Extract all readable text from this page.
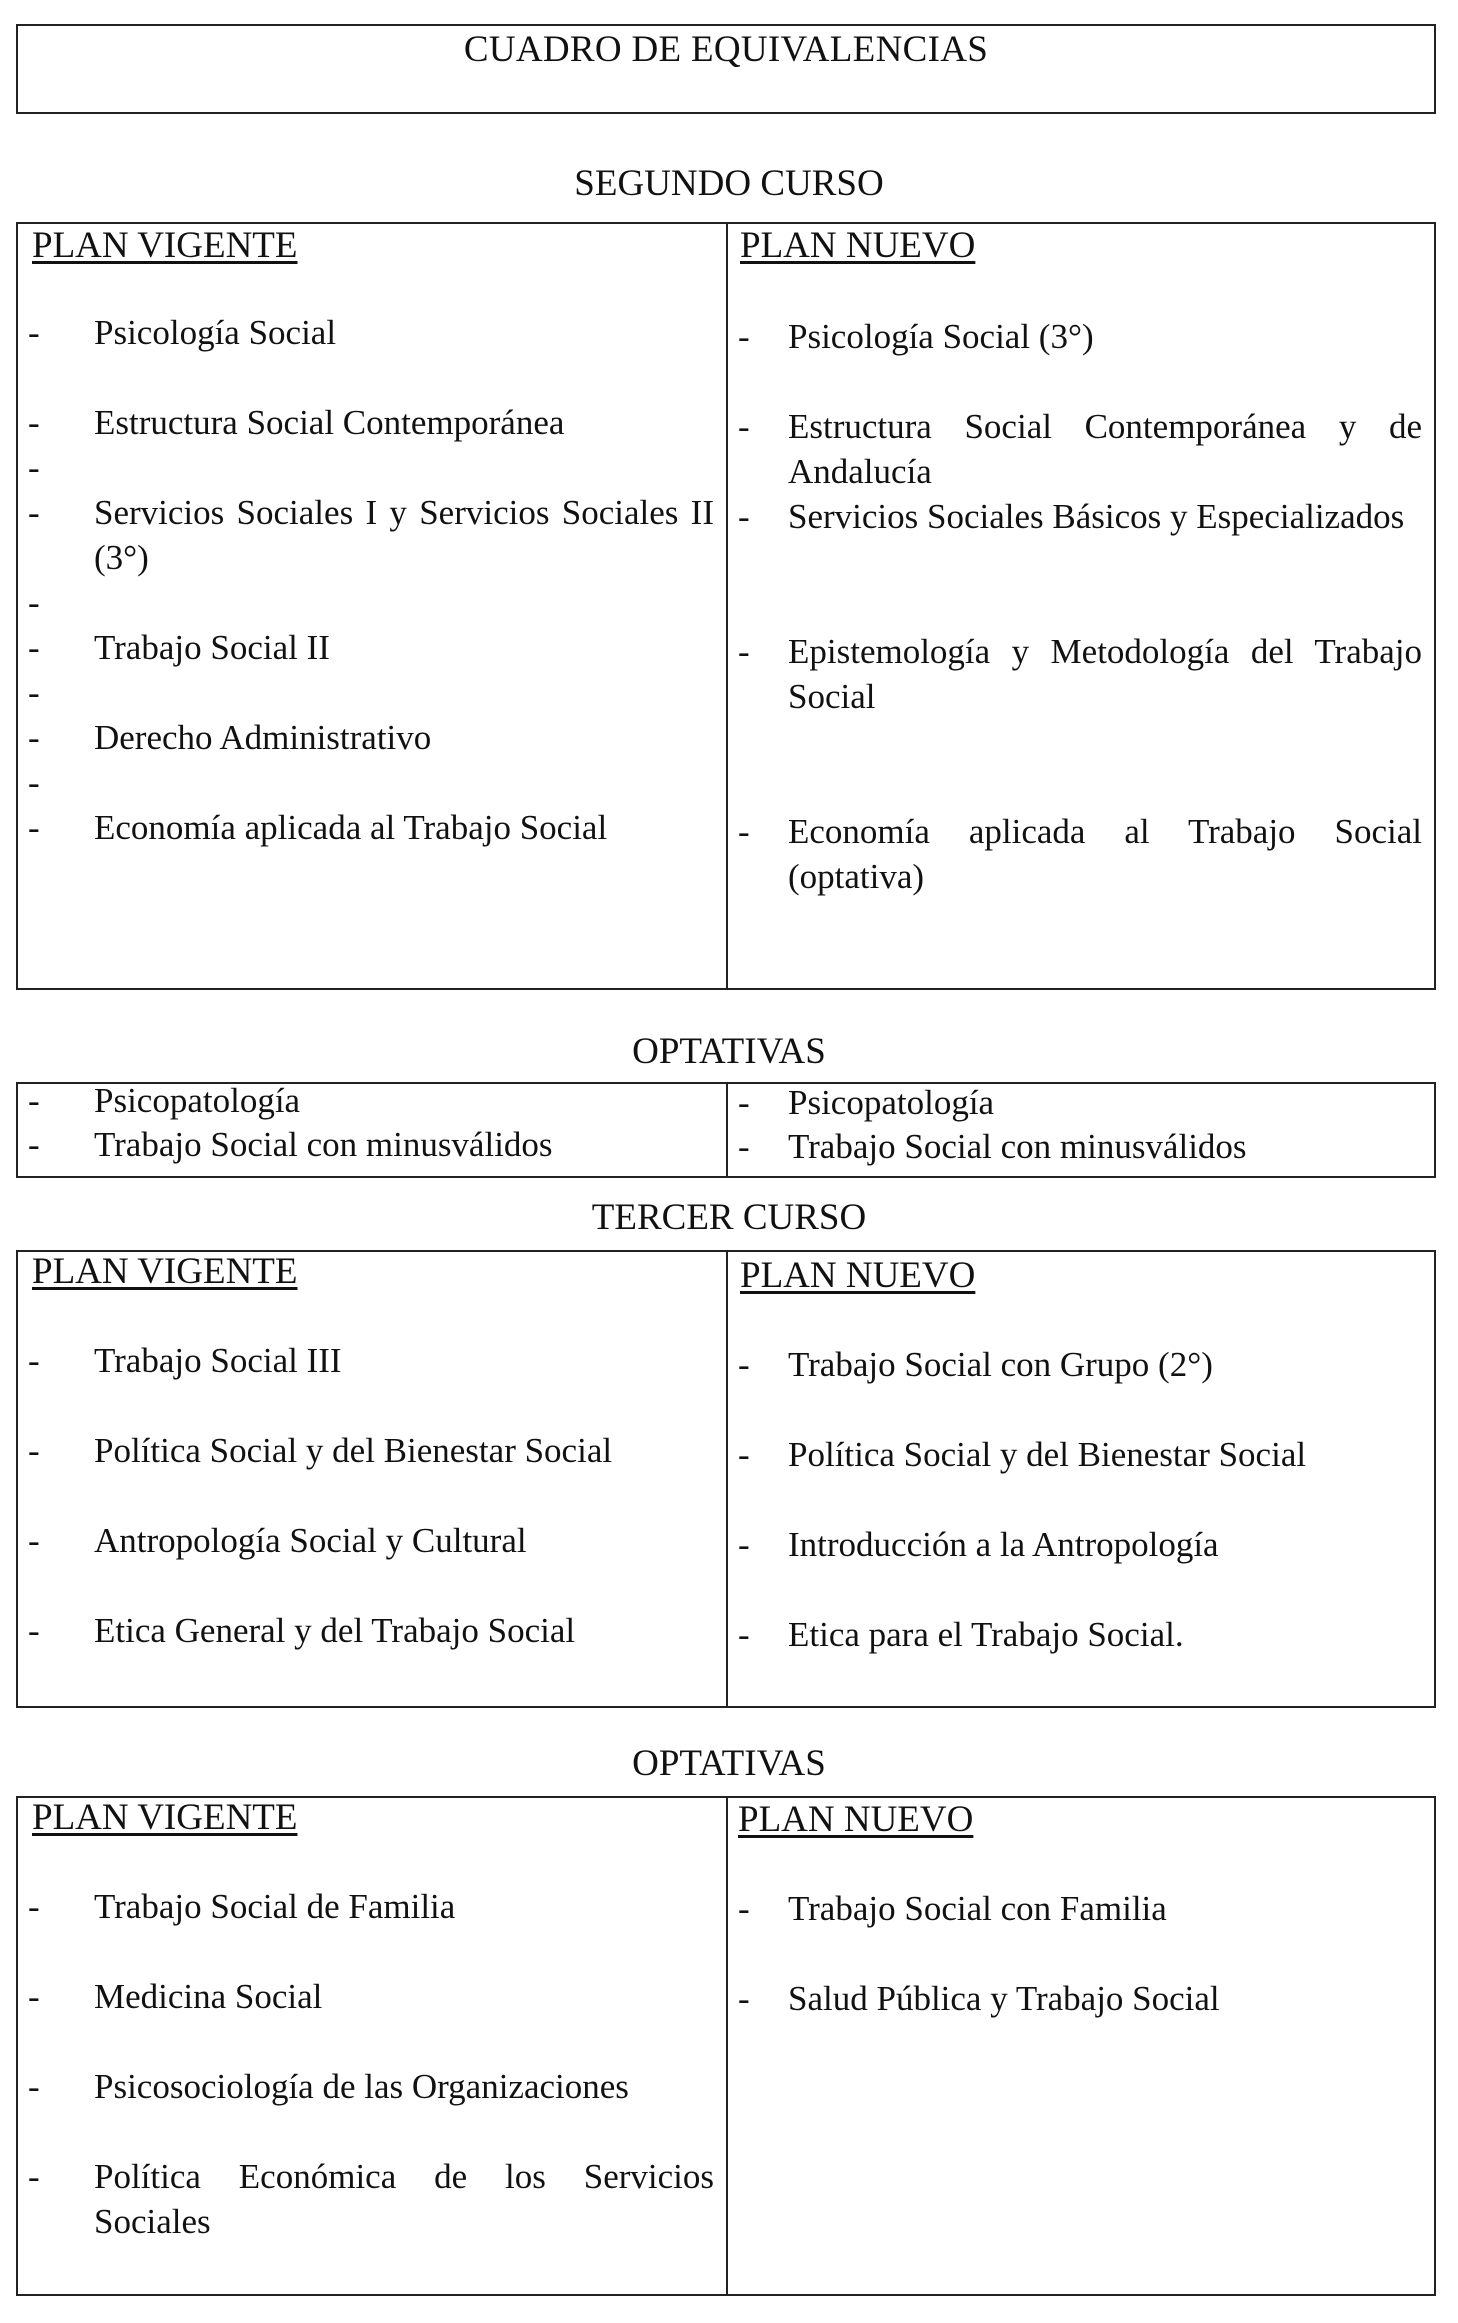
CUADRO DE EQUIVALENCIAS
SEGUNDO CURSO
PLAN VIGENTE
- Psicología Social
- Estructura Social Contemporánea
-
- Servicios Sociales I y Servicios Sociales II (3°)
-
- Trabajo Social II
-
- Derecho Administrativo
-
- Economía aplicada al Trabajo Social
PLAN NUEVO
- Psicología Social (3°)
- Estructura Social Contemporánea y de Andalucía
- Servicios Sociales Básicos y Especializados
- Epistemología y Metodología del Trabajo Social
- Economía aplicada al Trabajo Social (optativa)
OPTATIVAS
- Psicopatología
- Trabajo Social con minusválidos
- Psicopatología
- Trabajo Social con minusválidos
TERCER CURSO
PLAN VIGENTE
- Trabajo Social III
- Política Social y del Bienestar Social
- Antropología Social y Cultural
- Etica General y del Trabajo Social
PLAN NUEVO
- Trabajo Social con Grupo (2°)
- Política Social y del Bienestar Social
- Introducción a la Antropología
- Etica para el Trabajo Social.
OPTATIVAS
PLAN VIGENTE
- Trabajo Social de Familia
- Medicina Social
- Psicosociología de las Organizaciones
- Política Económica de los Servicios Sociales
PLAN NUEVO
- Trabajo Social con Familia
- Salud Pública y Trabajo Social
